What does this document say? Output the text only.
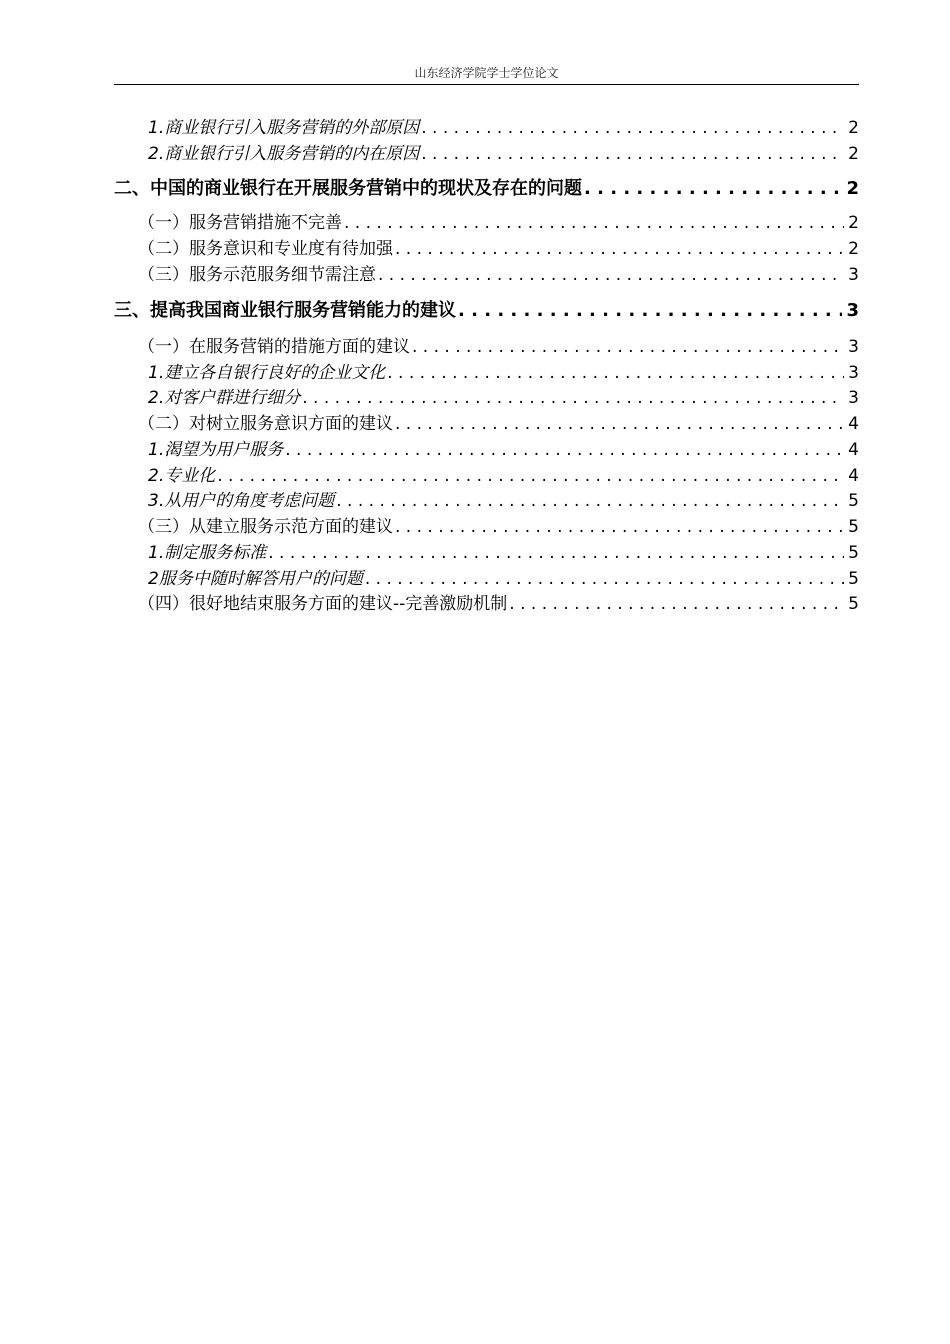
山东经济学院学士学位论文
1.商业银行引入服务营销的外部原因 . . .	2
2.商业银行引入服务营销的内在原因 . . .	2
二、中国的商业银行在开展服务营销中的现状及存在的问题 . . .	2
（一）服务营销措施不完善 . . .	2
（二）服务意识和专业度有待加强 . . .	2
（三）服务示范服务细节需注意 . . .	3
三、提高我国商业银行服务营销能力的建议 . . .	3
（一）在服务营销的措施方面的建议 . . .	3
1.建立各自银行良好的企业文化 . . .	3
2.对客户群进行细分 . . .	3
（二）对树立服务意识方面的建议 . . .	4
1.渴望为用户服务 . . .	4
2.专业化 . . .	4
3.从用户的角度考虑问题 . . .	5
（三）从建立服务示范方面的建议 . . .	5
1.制定服务标准 . . .	5
2服务中随时解答用户的问题 . . .	5
（四）很好地结束服务方面的建议--完善激励机制 . . .	5
